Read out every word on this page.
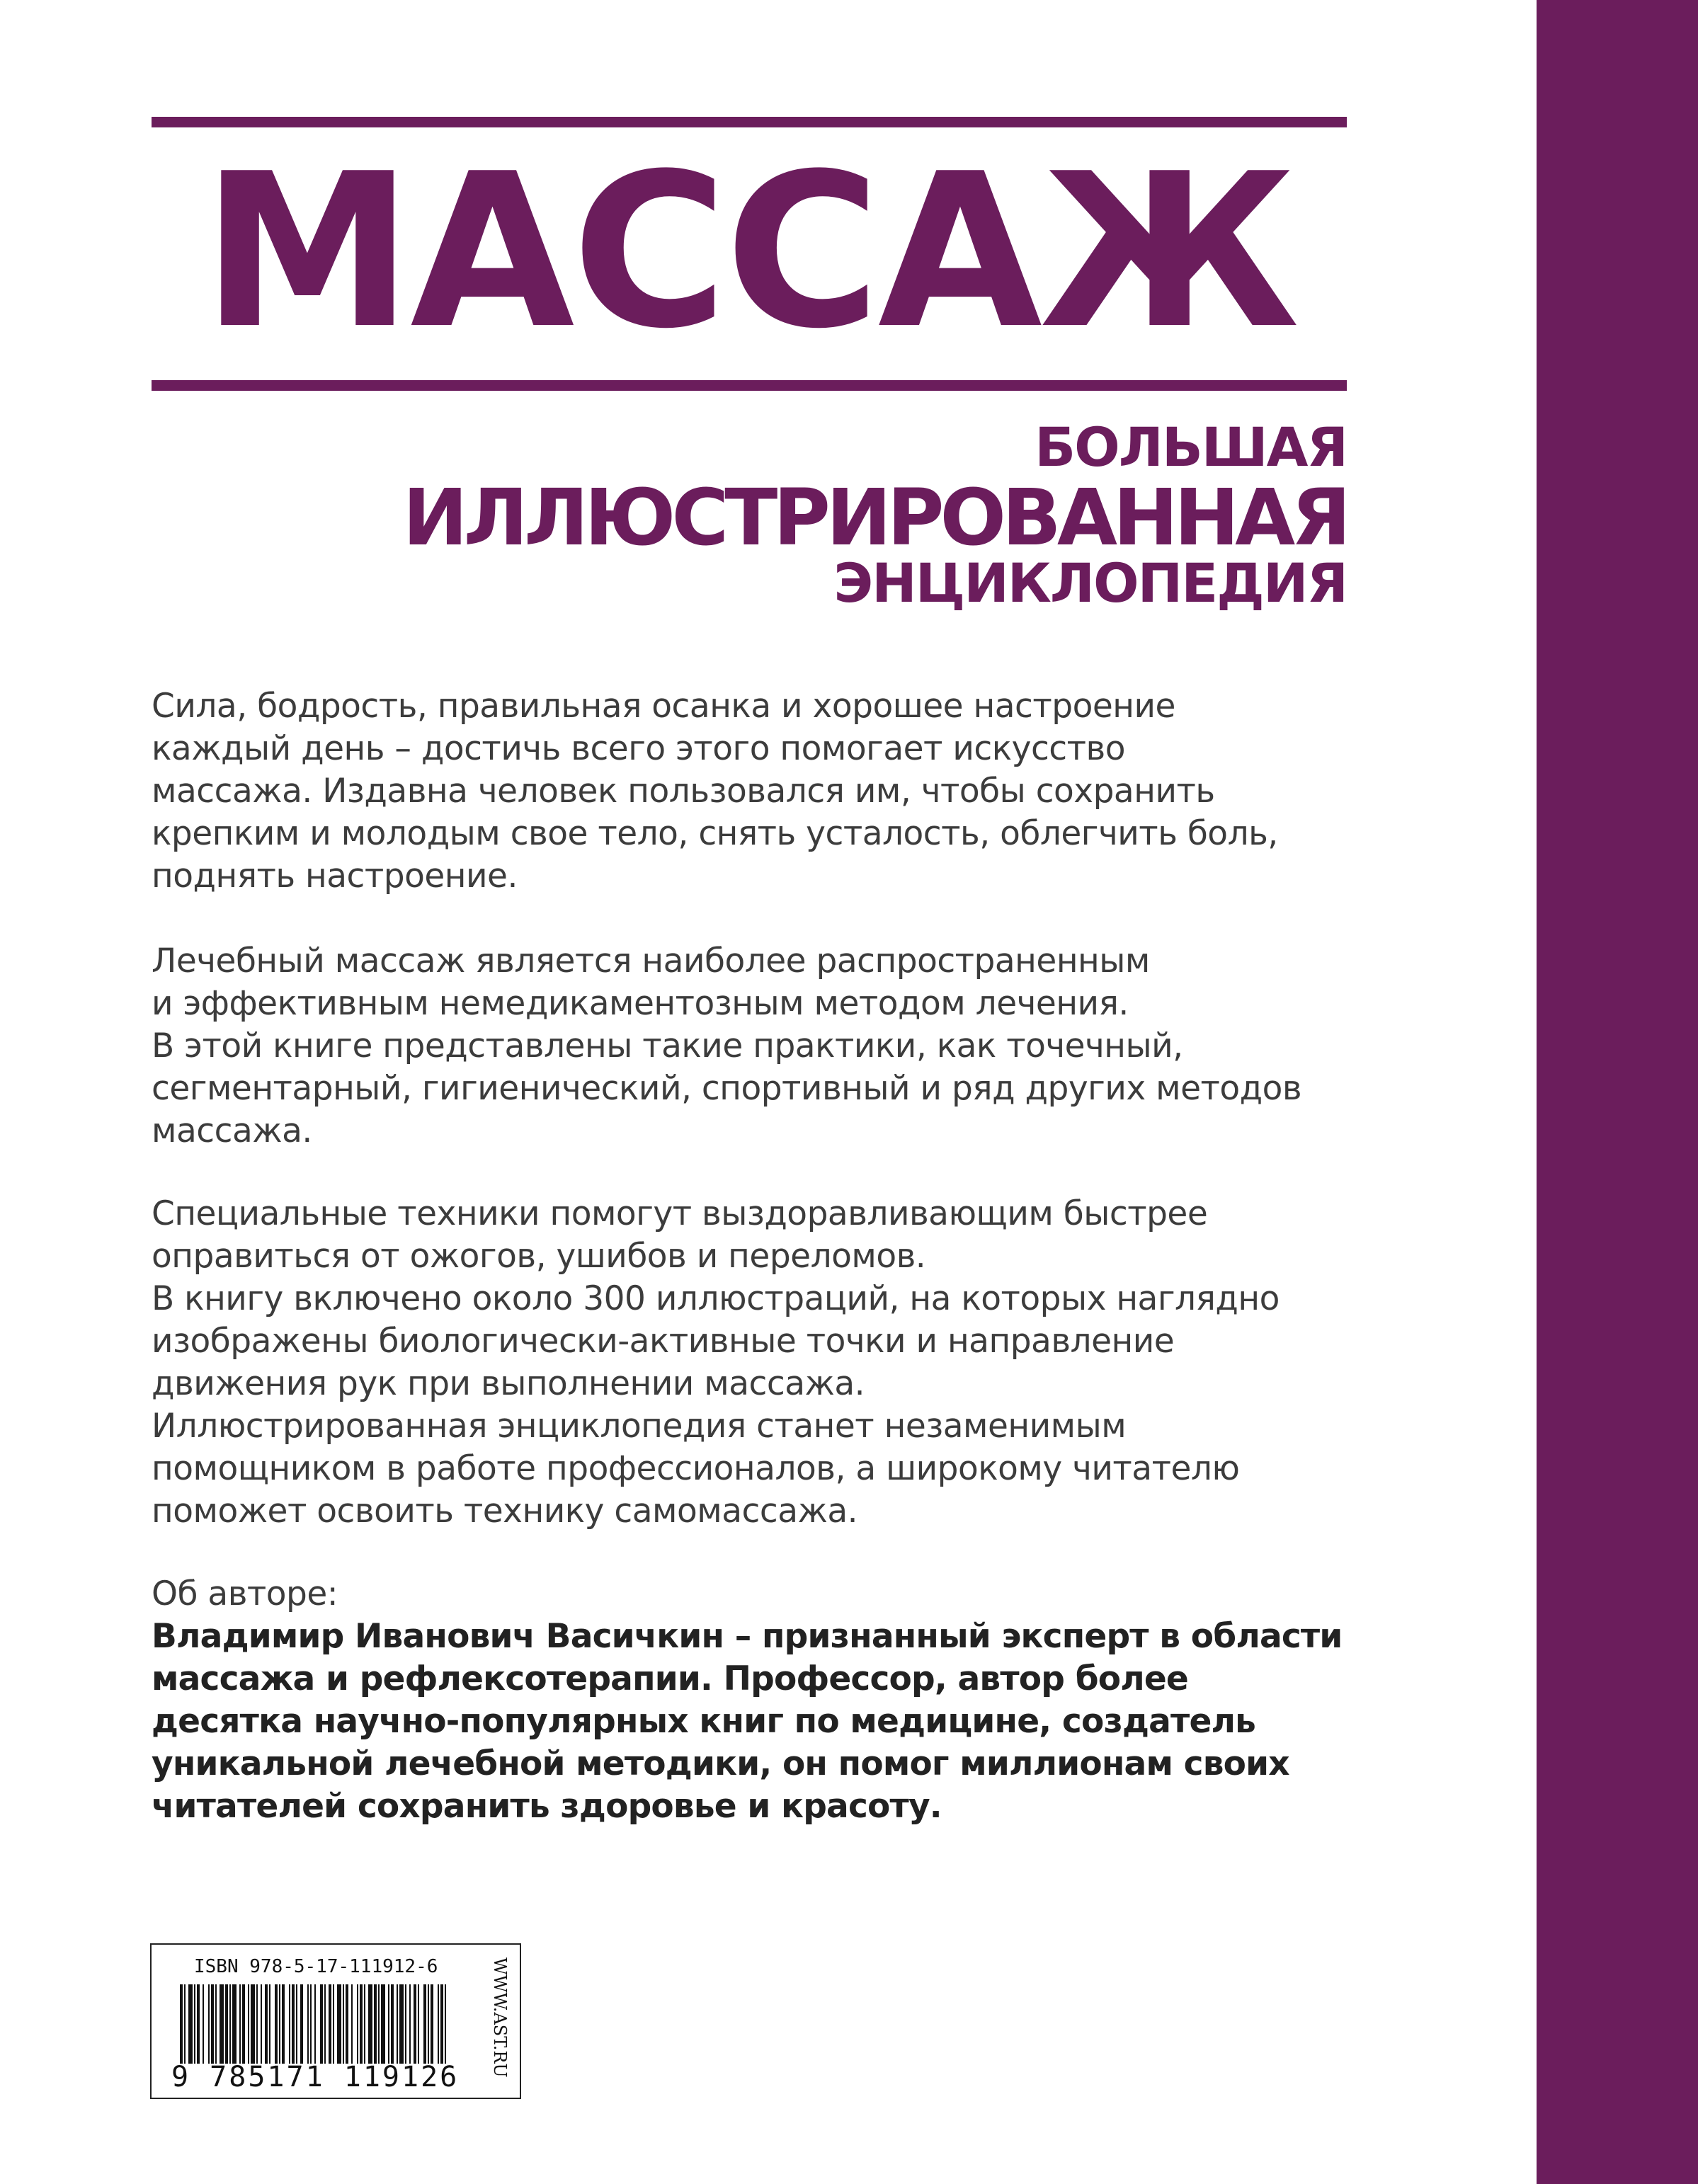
МАССАЖ
БОЛЬШАЯ
ИЛЛЮСТРИРОВАННАЯ
ЭНЦИКЛОПЕДИЯ
Сила, бодрость, правильная осанка и хорошее настроение
каждый день – достичь всего этого помогает искусство
массажа. Издавна человек пользовался им, чтобы сохранить
крепким и молодым свое тело, снять усталость, облегчить боль,
поднять настроение.
Лечебный массаж является наиболее распространенным
и эффективным немедикаментозным методом лечения.
В этой книге представлены такие практики, как точечный,
сегментарный, гигиенический, спортивный и ряд других методов
массажа.
Специальные техники помогут выздоравливающим быстрее
оправиться от ожогов, ушибов и переломов.
В книгу включено около 300 иллюстраций, на которых наглядно
изображены биологически-активные точки и направление
движения рук при выполнении массажа.
Иллюстрированная энциклопедия станет незаменимым
помощником в работе профессионалов, а широкому читателю
поможет освоить технику самомассажа.
Об авторе:
Владимир Иванович Васичкин – признанный эксперт в области
массажа и рефлексотерапии. Профессор, автор более
десятка научно-популярных книг по медицине, создатель
уникальной лечебной методики, он помог миллионам своих
читателей сохранить здоровье и красоту.
ISBN 978-5-17-111912-6
9 785171 119126	WWW.AST.RU
